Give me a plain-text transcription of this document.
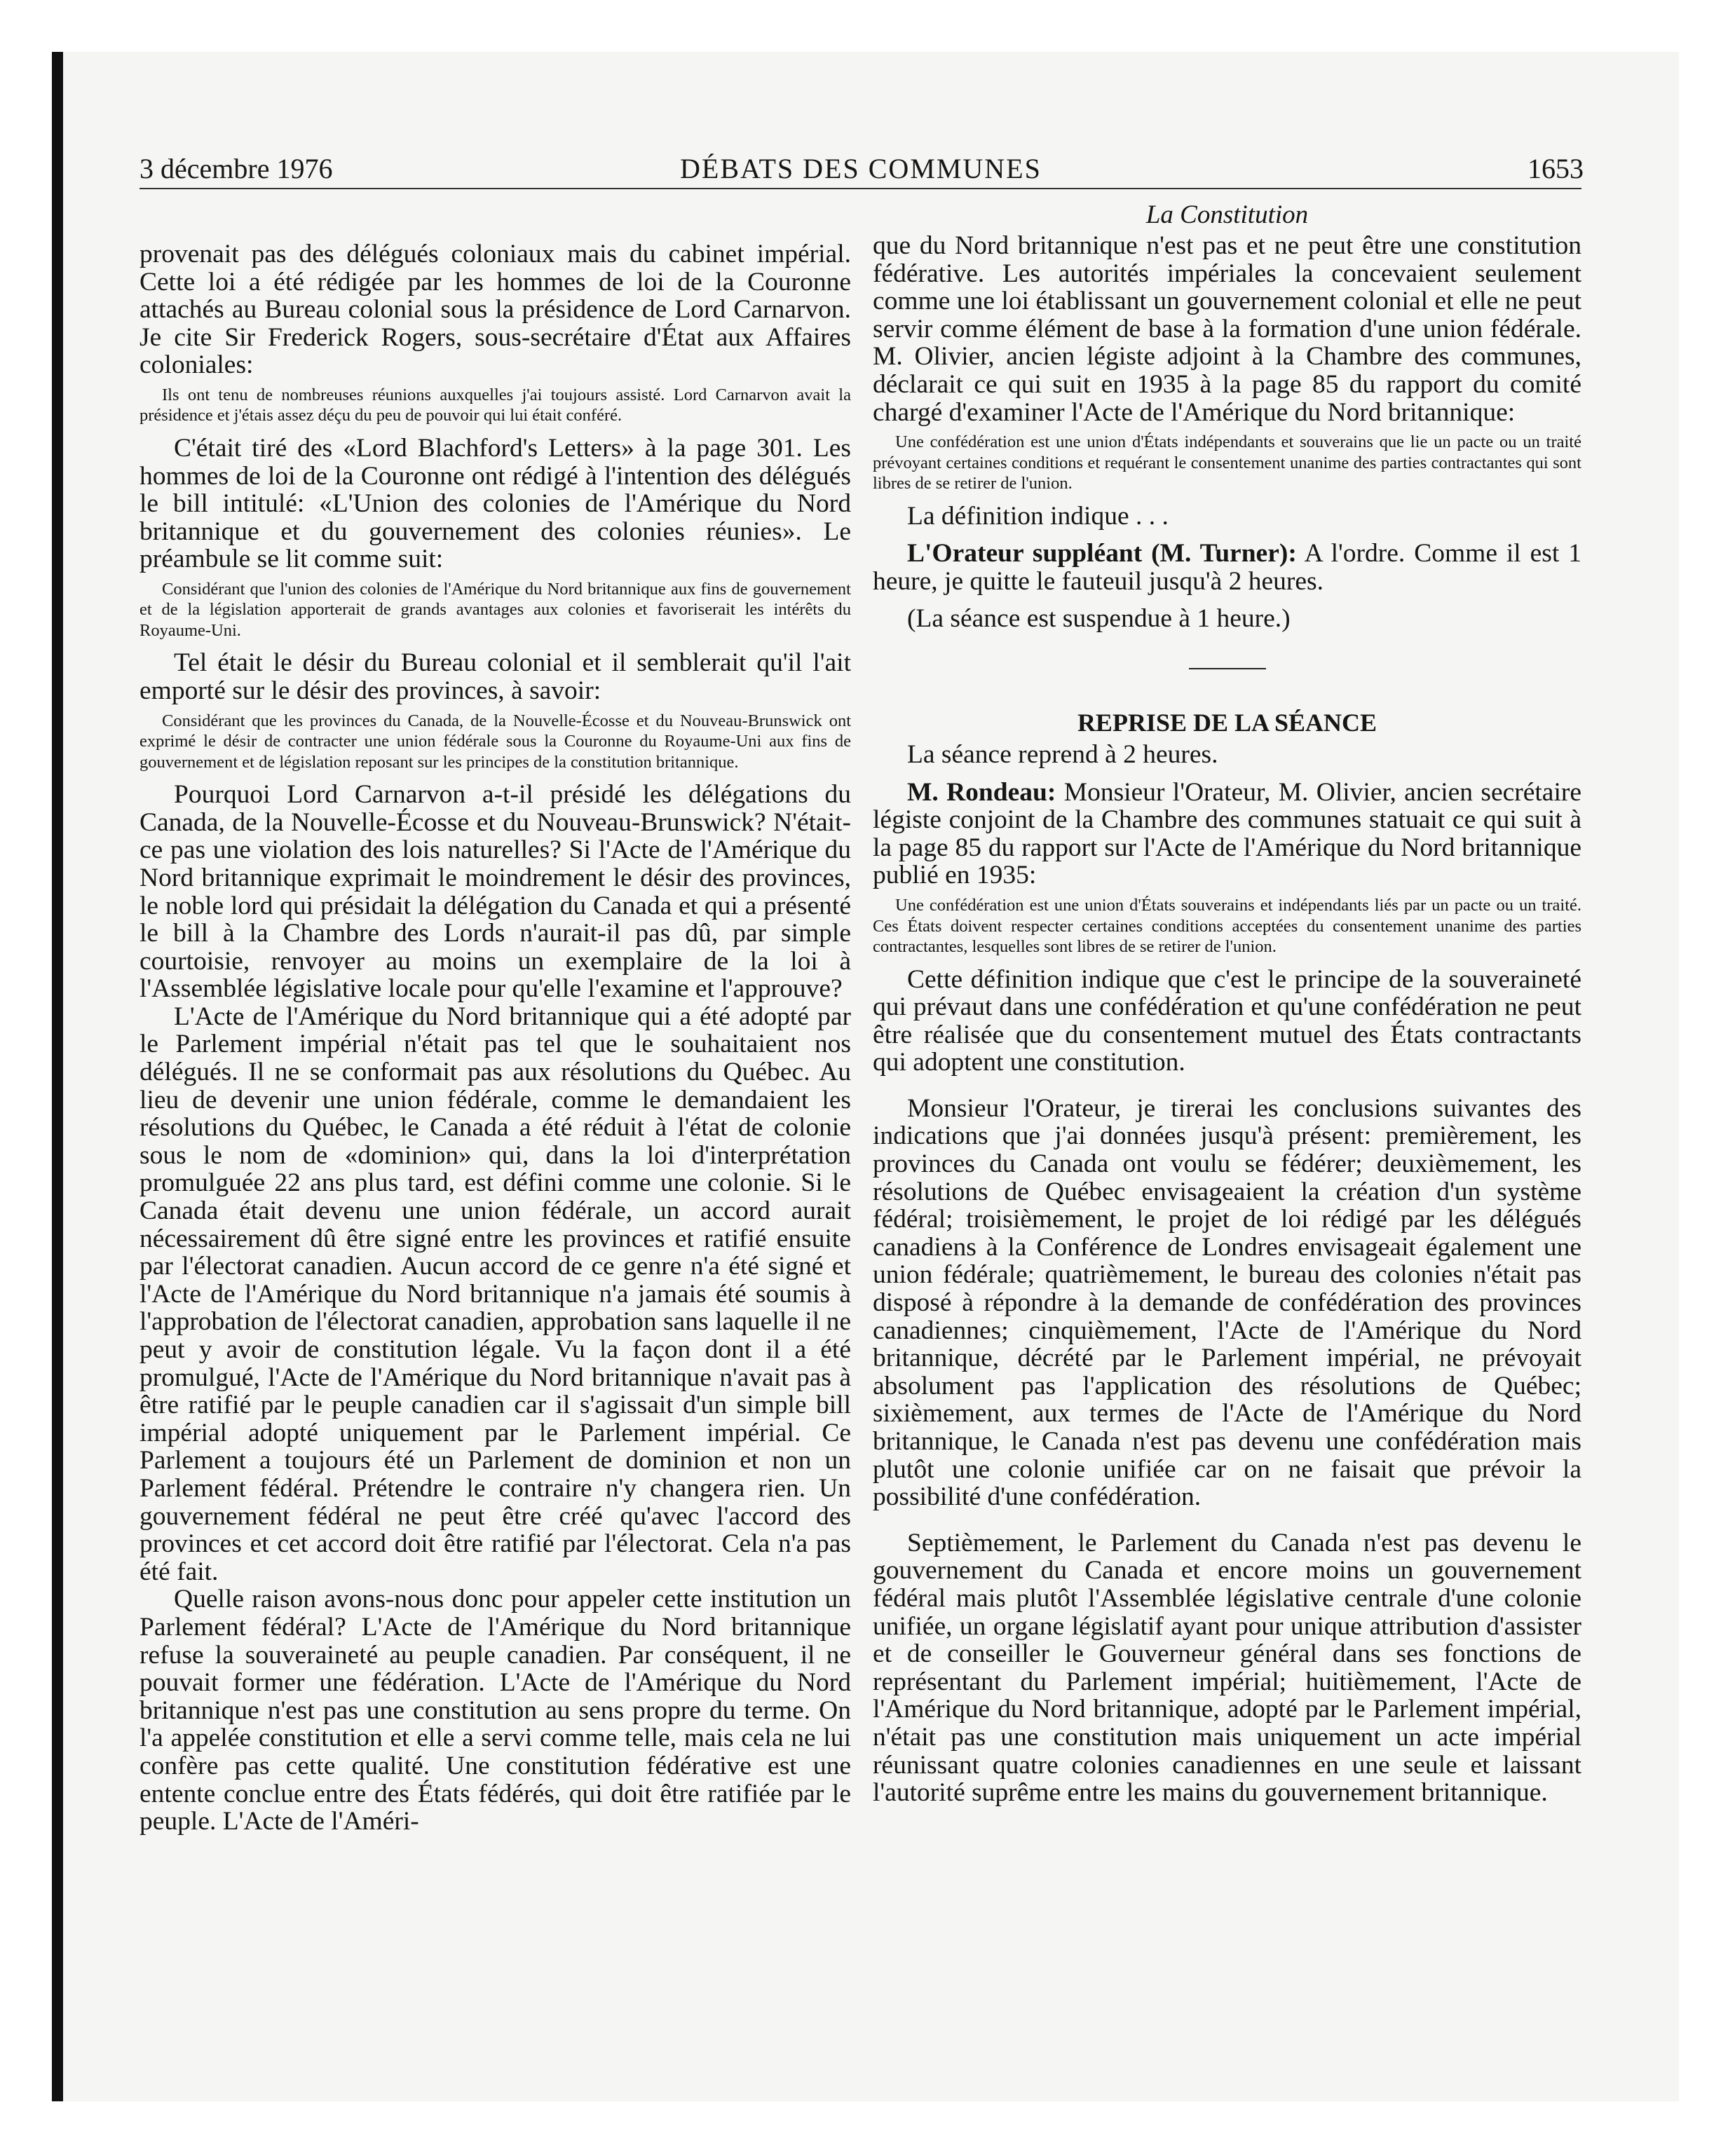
3 décembre 1976	DÉBATS DES COMMUNES	1653

provenait pas des délégués coloniaux mais du cabinet impérial. Cette loi a été rédigée par les hommes de loi de la Couronne attachés au Bureau colonial sous la présidence de Lord Carnarvon. Je cite Sir Frederick Rogers, sous-secrétaire d'État aux Affaires coloniales:

Ils ont tenu de nombreuses réunions auxquelles j'ai toujours assisté. Lord Carnarvon avait la présidence et j'étais assez déçu du peu de pouvoir qui lui était conféré.

C'était tiré des «Lord Blachford's Letters» à la page 301. Les hommes de loi de la Couronne ont rédigé à l'intention des délégués le bill intitulé: «L'Union des colonies de l'Amérique du Nord britannique et du gouvernement des colonies réunies». Le préambule se lit comme suit:

Considérant que l'union des colonies de l'Amérique du Nord britannique aux fins de gouvernement et de la législation apporterait de grands avantages aux colonies et favoriserait les intérêts du Royaume-Uni.

Tel était le désir du Bureau colonial et il semblerait qu'il l'ait emporté sur le désir des provinces, à savoir:

Considérant que les provinces du Canada, de la Nouvelle-Écosse et du Nouveau-Brunswick ont exprimé le désir de contracter une union fédérale sous la Couronne du Royaume-Uni aux fins de gouvernement et de législation reposant sur les principes de la constitution britannique.

Pourquoi Lord Carnarvon a-t-il présidé les délégations du Canada, de la Nouvelle-Écosse et du Nouveau-Brunswick? N'était-ce pas une violation des lois naturelles? Si l'Acte de l'Amérique du Nord britannique exprimait le moindrement le désir des provinces, le noble lord qui présidait la délégation du Canada et qui a présenté le bill à la Chambre des Lords n'aurait-il pas dû, par simple courtoisie, renvoyer au moins un exemplaire de la loi à l'Assemblée législative locale pour qu'elle l'examine et l'approuve?

L'Acte de l'Amérique du Nord britannique qui a été adopté par le Parlement impérial n'était pas tel que le souhaitaient nos délégués. Il ne se conformait pas aux résolutions du Québec. Au lieu de devenir une union fédérale, comme le demandaient les résolutions du Québec, le Canada a été réduit à l'état de colonie sous le nom de «dominion» qui, dans la loi d'interprétation promulguée 22 ans plus tard, est défini comme une colonie. Si le Canada était devenu une union fédérale, un accord aurait nécessairement dû être signé entre les provinces et ratifié ensuite par l'électorat canadien. Aucun accord de ce genre n'a été signé et l'Acte de l'Amérique du Nord britannique n'a jamais été soumis à l'approbation de l'électorat canadien, approbation sans laquelle il ne peut y avoir de constitution légale. Vu la façon dont il a été promulgué, l'Acte de l'Amérique du Nord britannique n'avait pas à être ratifié par le peuple canadien car il s'agissait d'un simple bill impérial adopté uniquement par le Parlement impérial. Ce Parlement a toujours été un Parlement de dominion et non un Parlement fédéral. Prétendre le contraire n'y changera rien. Un gouvernement fédéral ne peut être créé qu'avec l'accord des provinces et cet accord doit être ratifié par l'électorat. Cela n'a pas été fait.

Quelle raison avons-nous donc pour appeler cette institution un Parlement fédéral? L'Acte de l'Amérique du Nord britannique refuse la souveraineté au peuple canadien. Par conséquent, il ne pouvait former une fédération. L'Acte de l'Amérique du Nord britannique n'est pas une constitution au sens propre du terme. On l'a appelée constitution et elle a servi comme telle, mais cela ne lui confère pas cette qualité. Une constitution fédérative est une entente conclue entre des États fédérés, qui doit être ratifiée par le peuple. L'Acte de l'Améri-

La Constitution

que du Nord britannique n'est pas et ne peut être une constitution fédérative. Les autorités impériales la concevaient seulement comme une loi établissant un gouvernement colonial et elle ne peut servir comme élément de base à la formation d'une union fédérale. M. Olivier, ancien légiste adjoint à la Chambre des communes, déclarait ce qui suit en 1935 à la page 85 du rapport du comité chargé d'examiner l'Acte de l'Amérique du Nord britannique:

Une confédération est une union d'États indépendants et souverains que lie un pacte ou un traité prévoyant certaines conditions et requérant le consentement unanime des parties contractantes qui sont libres de se retirer de l'union.

La définition indique . . .

L'Orateur suppléant (M. Turner): A l'ordre. Comme il est 1 heure, je quitte le fauteuil jusqu'à 2 heures.

(La séance est suspendue à 1 heure.)

REPRISE DE LA SÉANCE

La séance reprend à 2 heures.

M. Rondeau: Monsieur l'Orateur, M. Olivier, ancien secrétaire légiste conjoint de la Chambre des communes statuait ce qui suit à la page 85 du rapport sur l'Acte de l'Amérique du Nord britannique publié en 1935:

Une confédération est une union d'États souverains et indépendants liés par un pacte ou un traité. Ces États doivent respecter certaines conditions acceptées du consentement unanime des parties contractantes, lesquelles sont libres de se retirer de l'union.

Cette définition indique que c'est le principe de la souveraineté qui prévaut dans une confédération et qu'une confédération ne peut être réalisée que du consentement mutuel des États contractants qui adoptent une constitution.

Monsieur l'Orateur, je tirerai les conclusions suivantes des indications que j'ai données jusqu'à présent: premièrement, les provinces du Canada ont voulu se fédérer; deuxièmement, les résolutions de Québec envisageaient la création d'un système fédéral; troisièmement, le projet de loi rédigé par les délégués canadiens à la Conférence de Londres envisageait également une union fédérale; quatrièmement, le bureau des colonies n'était pas disposé à répondre à la demande de confédération des provinces canadiennes; cinquièmement, l'Acte de l'Amérique du Nord britannique, décrété par le Parlement impérial, ne prévoyait absolument pas l'application des résolutions de Québec; sixièmement, aux termes de l'Acte de l'Amérique du Nord britannique, le Canada n'est pas devenu une confédération mais plutôt une colonie unifiée car on ne faisait que prévoir la possibilité d'une confédération.

Septièmement, le Parlement du Canada n'est pas devenu le gouvernement du Canada et encore moins un gouvernement fédéral mais plutôt l'Assemblée législative centrale d'une colonie unifiée, un organe législatif ayant pour unique attribution d'assister et de conseiller le Gouverneur général dans ses fonctions de représentant du Parlement impérial; huitièmement, l'Acte de l'Amérique du Nord britannique, adopté par le Parlement impérial, n'était pas une constitution mais uniquement un acte impérial réunissant quatre colonies canadiennes en une seule et laissant l'autorité suprême entre les mains du gouvernement britannique.
